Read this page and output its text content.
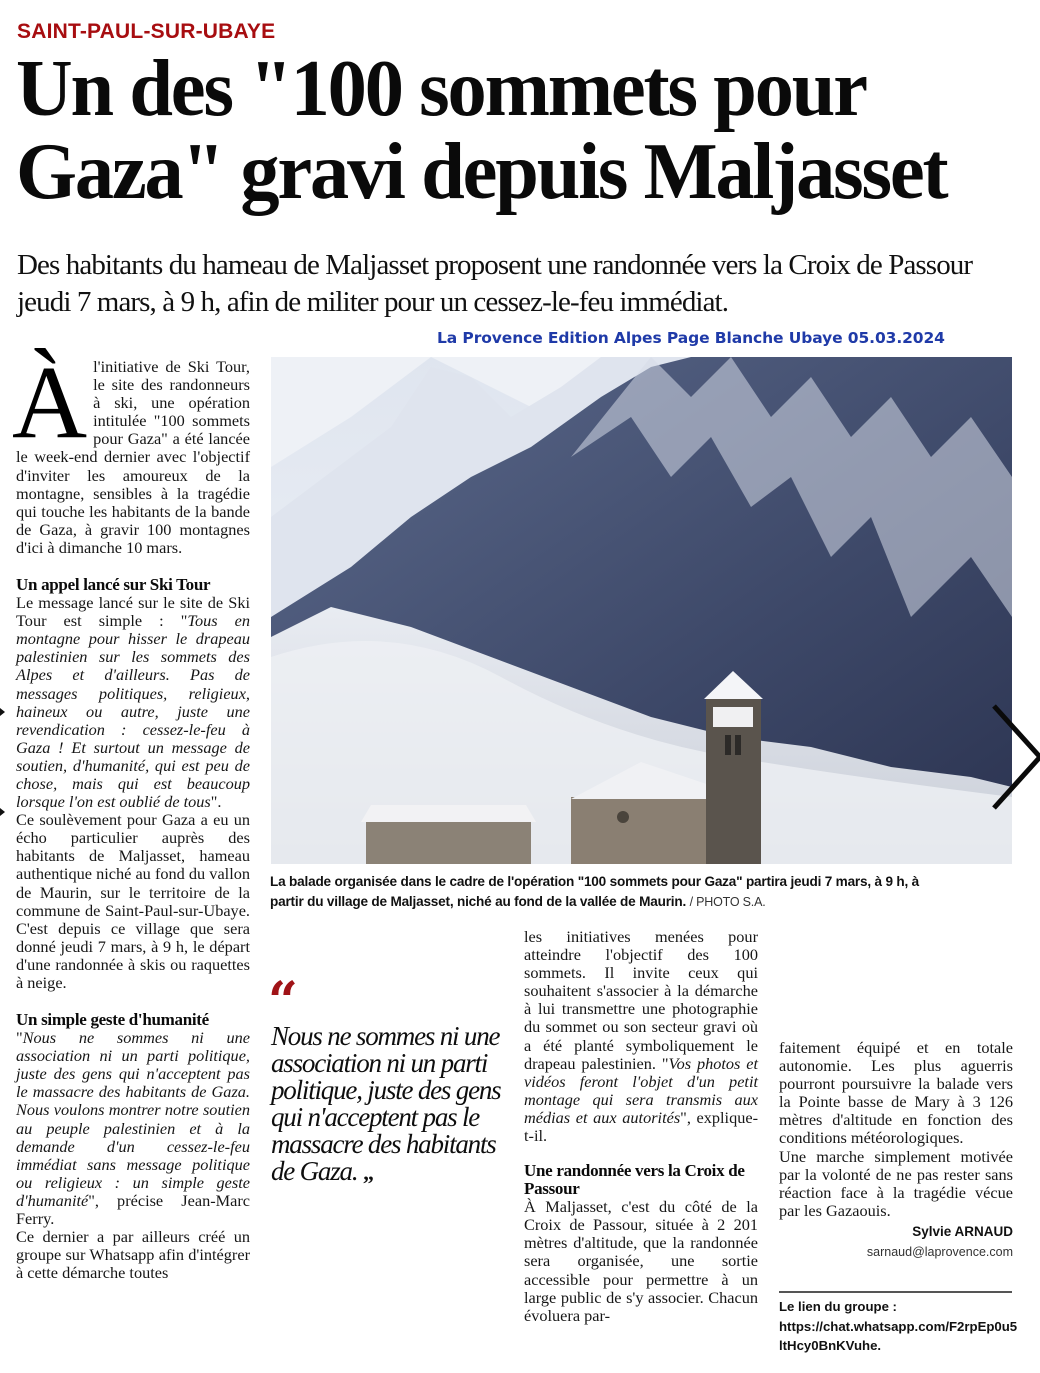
SAINT-PAUL-SUR-UBAYE
Un des "100 sommets pour Gaza" gravi depuis Maljasset
Des habitants du hameau de Maljasset proposent une randonnée vers la Croix de Passour jeudi 7 mars, à 9 h, afin de militer pour un cessez-le-feu immédiat.
La Provence Edition Alpes Page Blanche Ubaye 05.03.2024

Àl'initiative de Ski Tour, le site des randonneurs à ski, une opération intitulée "100 sommets pour Gaza" a été lancée le week-end dernier avec l'objectif d'inviter les amoureux de la montagne, sensibles à la tragédie qui touche les habitants de la bande de Gaza, à gravir 100 montagnes d'ici à dimanche 10 mars.

Un appel lancé sur Ski Tour

Le message lancé sur le site de Ski Tour est simple : "Tous en montagne pour hisser le drapeau palestinien sur les sommets des Alpes et d'ailleurs. Pas de messages politiques, religieux, haineux ou autre, juste une revendication : cessez-le-feu à Gaza ! Et surtout un message de soutien, d'humanité, qui est peu de chose, mais qui est beaucoup lorsque l'on est oublié de tous".

Ce soulèvement pour Gaza a eu un écho particulier auprès des habitants de Maljasset, hameau authentique niché au fond du vallon de Maurin, sur le territoire de la commune de Saint-Paul-sur-Ubaye. C'est depuis ce village que sera donné jeudi 7 mars, à 9 h, le départ d'une randonnée à skis ou raquettes à neige.

Un simple geste d'humanité

"Nous ne sommes ni une association ni un parti politique, juste des gens qui n'acceptent pas le massacre des habitants de Gaza. Nous voulons montrer notre soutien au peuple palestinien et à la demande d'un cessez-le-feu immédiat sans message politique ou religieux : un simple geste d'humanité", précise Jean-Marc Ferry.

Ce dernier a par ailleurs créé un groupe sur Whatsapp afin d'intégrer à cette démarche toutes

La balade organisée dans le cadre de l'opération "100 sommets pour Gaza" partira jeudi 7 mars, à 9 h, à partir du village de Maljasset, niché au fond de la vallée de Maurin. / PHOTO S.A.
“
Nous ne sommes ni une association ni un parti politique, juste des gens qui n'acceptent pas le massacre des habitants de Gaza. „

les initiatives menées pour atteindre l'objectif des 100 sommets. Il invite ceux qui souhaitent s'associer à la démarche à lui transmettre une photographie du sommet ou son secteur gravi où a été planté symboliquement le drapeau palestinien. "Vos photos et vidéos feront l'objet d'un petit montage qui sera transmis aux médias et aux autorités", explique-t-il.

Une randonnée vers la Croix de Passour

À Maljasset, c'est du côté de la Croix de Passour, située à 2 201 mètres d'altitude, que la randonnée sera organisée, une sortie accessible pour permettre à un large public de s'y associer. Chacun évoluera par-

faitement équipé et en totale autonomie. Les plus aguerris pourront poursuivre la balade vers la Pointe basse de Mary à 3 126 mètres d'altitude en fonction des conditions météorologiques.

Une marche simplement motivée par la volonté de ne pas rester sans réaction face à la tragédie vécue par les Gazaouis.

Sylvie ARNAUD
sarnaud@laprovence.com
Le lien du groupe :
https://chat.whatsapp.com/F2rpEp0u5ltHcy0BnKVuhe.
